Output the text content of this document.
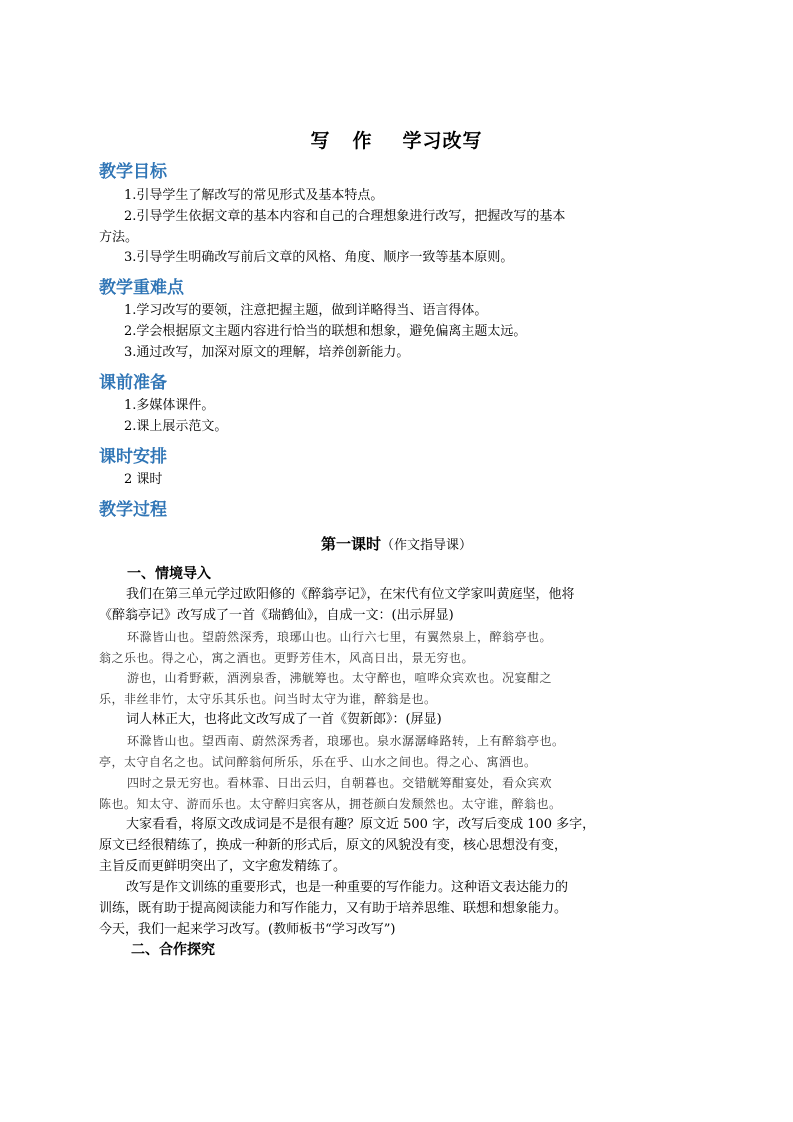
写 作 学习改写
教学目标
1.引导学生了解改写的常见形式及基本特点。
2.引导学生依据文章的基本内容和自己的合理想象进行改写，把握改写的基本
方法。
3.引导学生明确改写前后文章的风格、角度、顺序一致等基本原则。
教学重难点
1.学习改写的要领，注意把握主题，做到详略得当、语言得体。
2.学会根据原文主题内容进行恰当的联想和想象，避免偏离主题太远。
3.通过改写，加深对原文的理解，培养创新能力。
课前准备
1.多媒体课件。
2.课上展示范文。
课时安排
2 课时
教学过程
第一课时（作文指导课）
一、情境导入
我们在第三单元学过欧阳修的《醉翁亭记》，在宋代有位文学家叫黄庭坚，他将
《醉翁亭记》改写成了一首《瑞鹤仙》，自成一文：(出示屏显)
环滁皆山也。望蔚然深秀，琅琊山也。山行六七里，有翼然泉上，醉翁亭也。
翁之乐也。得之心，寓之酒也。更野芳佳木，风高日出，景无穷也。
游也，山肴野蔌，酒洌泉香，沸觥筹也。太守醉也，喧哗众宾欢也。况宴酣之
乐，非丝非竹，太守乐其乐也。问当时太守为谁，醉翁是也。
词人林正大，也将此文改写成了一首《贺新郎》：(屏显)
环滁皆山也。望西南、蔚然深秀者，琅琊也。泉水潺潺峰路转，上有醉翁亭也。
亭，太守自名之也。试问醉翁何所乐，乐在乎、山水之间也。得之心、寓酒也。
四时之景无穷也。看林霏、日出云归，自朝暮也。交错觥筹酣宴处，看众宾欢
陈也。知太守、游而乐也。太守醉归宾客从，拥苍颜白发颓然也。太守谁，醉翁也。
大家看看，将原文改成词是不是很有趣？原文近 500 字，改写后变成 100 多字，
原文已经很精练了，换成一种新的形式后，原文的风貌没有变，核心思想没有变，
主旨反而更鲜明突出了，文字愈发精练了。
改写是作文训练的重要形式，也是一种重要的写作能力。这种语文表达能力的
训练，既有助于提高阅读能力和写作能力，又有助于培养思维、联想和想象能力。
今天，我们一起来学习改写。(教师板书“学习改写”)
二、合作探究
